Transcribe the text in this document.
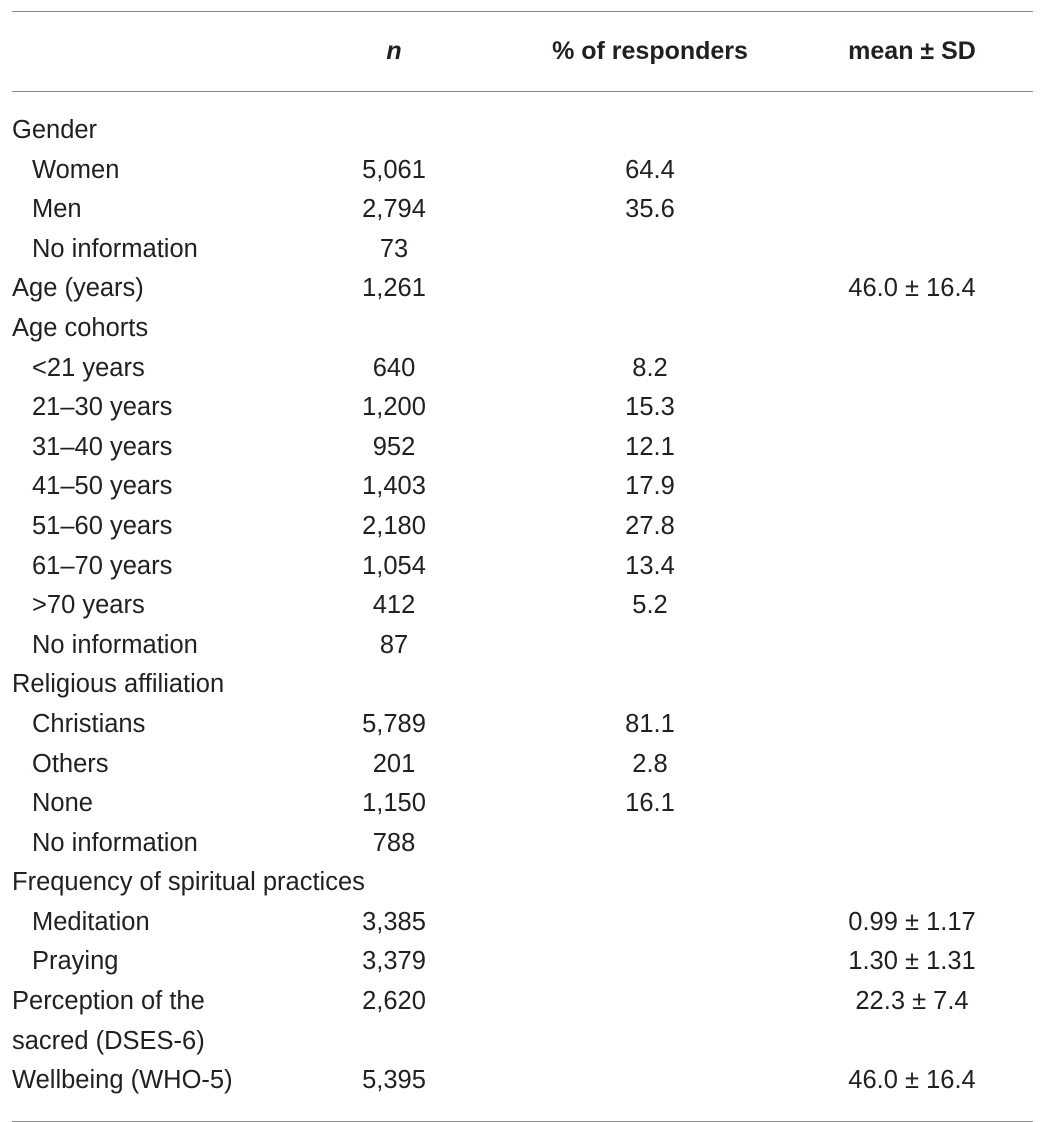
n	% of responders	mean ± SD
Gender
Women	5,061	64.4
Men	2,794	35.6
No information	73
Age (years)	1,261	46.0 ± 16.4
Age cohorts
<21 years	640	8.2
21–30 years	1,200	15.3
31–40 years	952	12.1
41–50 years	1,403	17.9
51–60 years	2,180	27.8
61–70 years	1,054	13.4
>70 years	412	5.2
No information	87
Religious affiliation
Christians	5,789	81.1
Others	201	2.8
None	1,150	16.1
No information	788
Frequency of spiritual practices
Meditation	3,385	0.99 ± 1.17
Praying	3,379	1.30 ± 1.31
Perception of the sacred (DSES-6)
2,620	22.3 ± 7.4
Wellbeing (WHO-5)	5,395	46.0 ± 16.4
